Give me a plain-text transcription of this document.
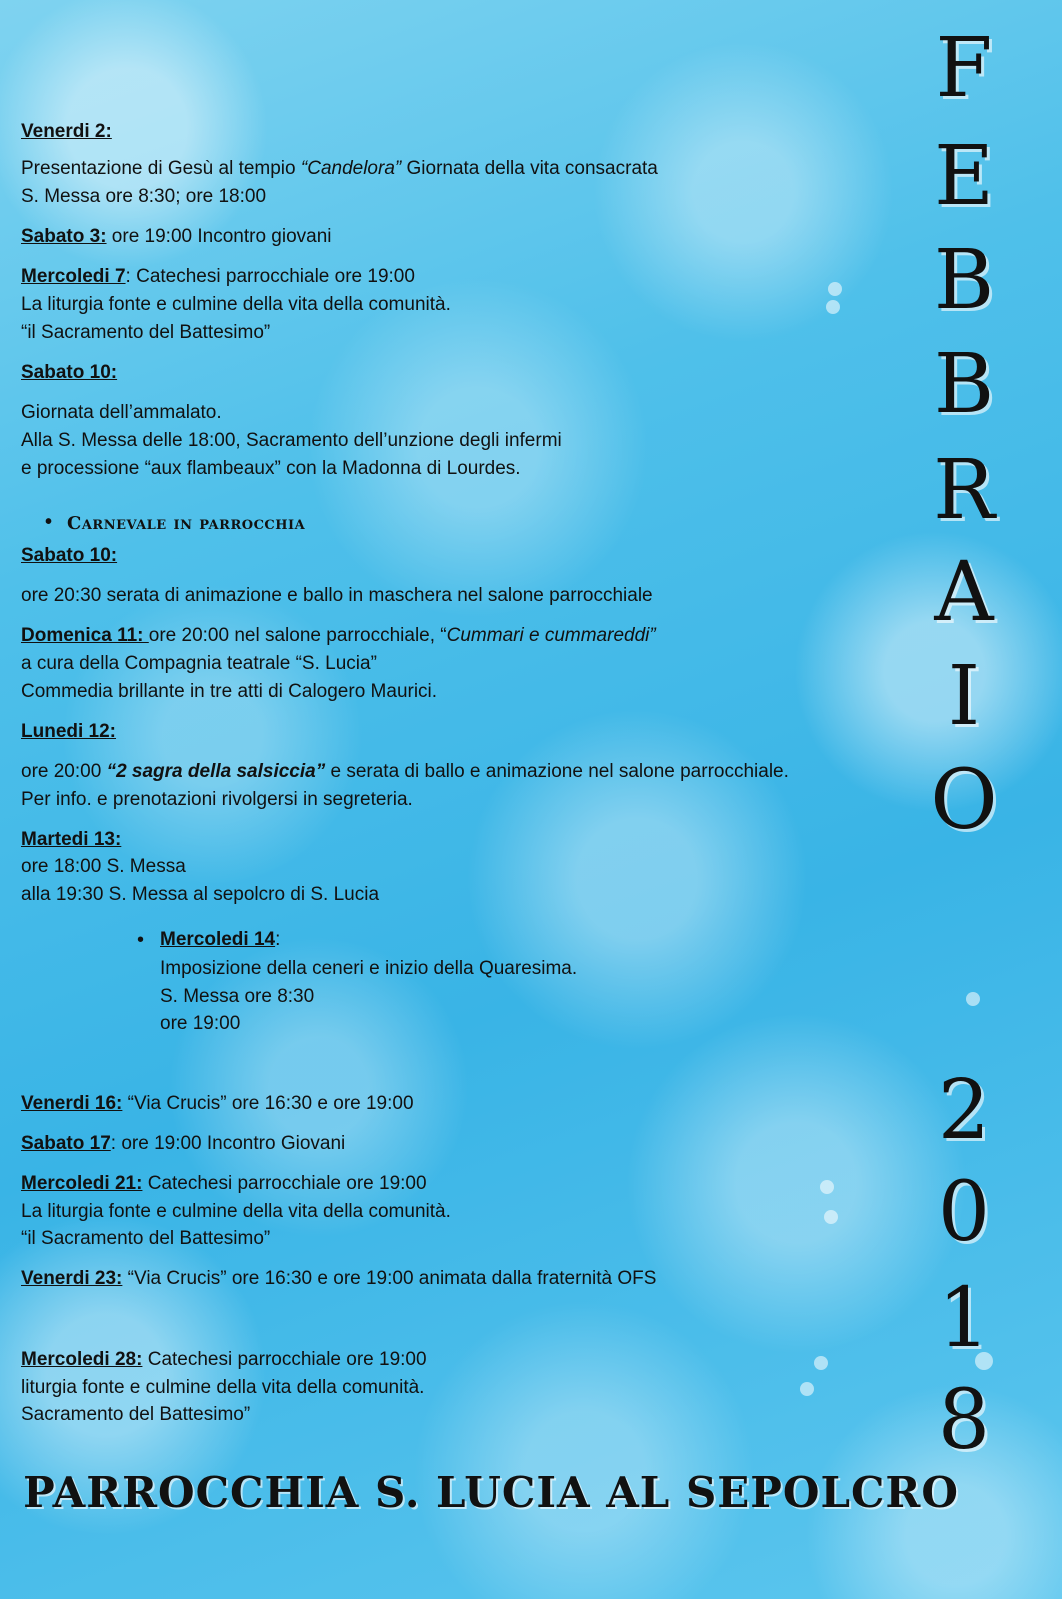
Venerdi 2:
Presentazione di Gesù al tempio “Candelora” Giornata della vita consacrata
S. Messa ore 8:30; ore 18:00
Sabato 3: ore 19:00 Incontro giovani
Mercoledi 7: Catechesi parrocchiale ore 19:00
La liturgia fonte e culmine della vita della comunità.
“il Sacramento del Battesimo”
Sabato 10:
Giornata dell’ammalato.
Alla S. Messa delle 18:00, Sacramento dell’unzione degli infermi
e processione “aux flambeaux” con la Madonna di Lourdes.
• Carnevale in parrocchia
Sabato 10:
ore 20:30 serata di animazione e ballo in maschera nel salone parrocchiale
Domenica 11: ore 20:00 nel salone parrocchiale, “Cummari e cummareddi”
a cura della Compagnia teatrale “S. Lucia”
Commedia brillante in tre atti di Calogero Maurici.
Lunedi 12:
ore 20:00 “2 sagra della salsiccia” e serata di ballo e animazione nel salone parrocchiale.
Per info. e prenotazioni rivolgersi in segreteria.
Martedi 13:
ore 18:00 S. Messa
alla 19:30 S. Messa al sepolcro di S. Lucia
• Mercoledi 14:
Imposizione della ceneri e inizio della Quaresima.
S. Messa ore 8:30
ore 19:00
Venerdi 16: “Via Crucis” ore 16:30 e ore 19:00
Sabato 17: ore 19:00 Incontro Giovani
Mercoledi 21: Catechesi parrocchiale ore 19:00
La liturgia fonte e culmine della vita della comunità.
“il Sacramento del Battesimo”
Venerdi 23: “Via Crucis” ore 16:30 e ore 19:00 animata dalla fraternità OFS
Mercoledi 28: Catechesi parrocchiale ore 19:00
liturgia fonte e culmine della vita della comunità.
Sacramento del Battesimo”
F
E
B
B
R
A
I
O
2
0
1
8
PARROCCHIA S. LUCIA AL SEPOLCRO
